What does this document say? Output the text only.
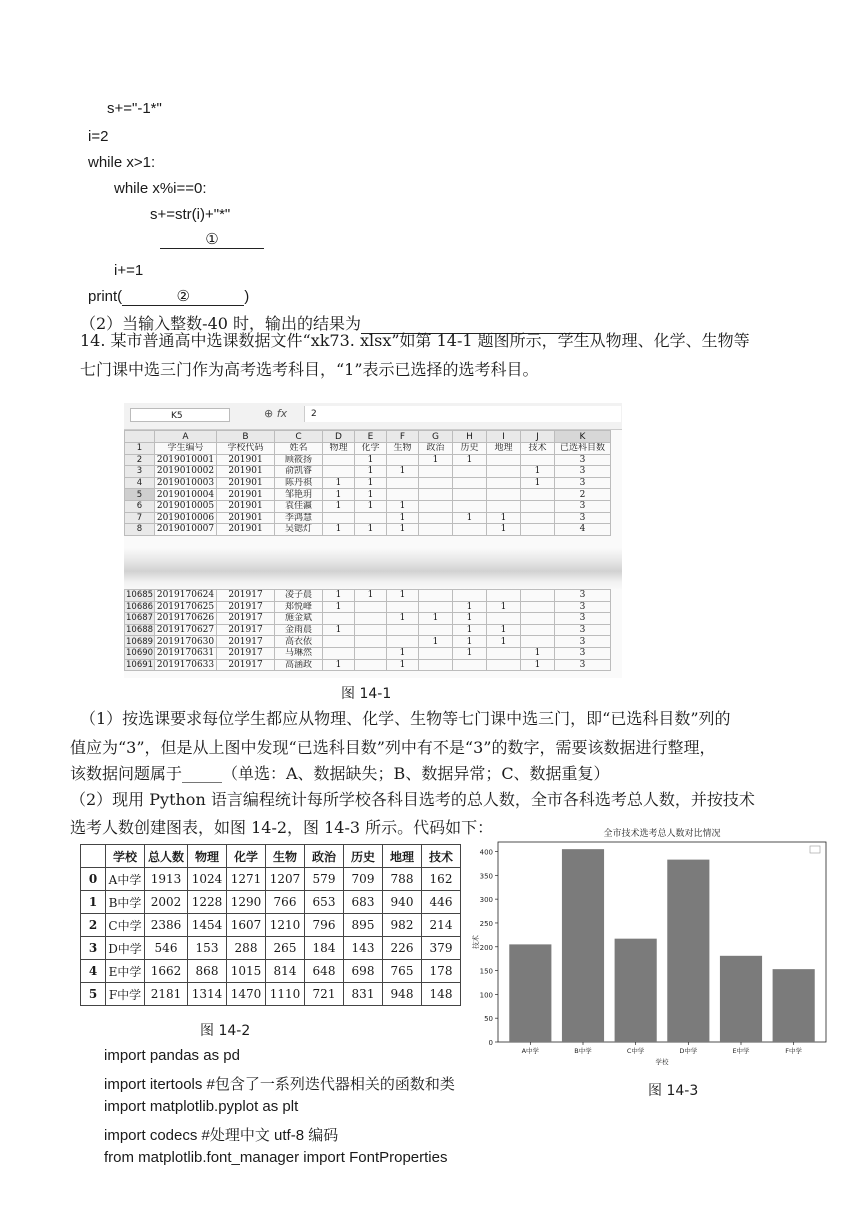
s+="-1*"
i=2
while x>1:
while x%i==0:
s+=str(i)+"*"
①
i+=1
print(	②	)
（2）当输入整数-40 时，输出的结果为
14. 某市普通高中选课数据文件“xk73. xlsx”如第 14-1 题图所示，学生从物理、化学、生物等
七门课中选三门作为高考选考科目，“1”表示已选择的选考科目。
K5	⊕ fx	2
	A	B	C	D	E	F	G	H	I	J	K
1	学生编号	学校代码	姓名	物理	化学	生物	政治	历史	地理	技术	已选科目数
2	2019010001	201901	顾筱扬		1		1	1			3
3	2019010002	201901	俞凯睿		1	1				1	3
4	2019010003	201901	陈丹祺	1	1					1	3
5	2019010004	201901	邹艳玥	1	1						2
6	2019010005	201901	袁佳瀛	1	1	1					3
7	2019010006	201901	李鸿慧			1		1	1		3
8	2019010007	201901	吴锶灯	1	1	1			1		4
10685	2019170624	201917	凌子晨	1	1	1					3
10686	2019170625	201917	郑悦峰	1				1	1		3
10687	2019170626	201917	施金斌			1	1	1			3
10688	2019170627	201917	金雨晨	1				1	1		3
10689	2019170630	201917	高衣依				1	1	1		3
10690	2019170631	201917	马琳然			1		1		1	3
10691	2019170633	201917	高涵政	1		1				1	3
图 14-1
（1）按选课要求每位学生都应从物理、化学、生物等七门课中选三门，即“已选科目数”列的
值应为“3”，但是从上图中发现“已选科目数”列中有不是“3”的数字，需要该数据进行整理，
该数据问题属于_____（单选：A、数据缺失；B、数据异常；C、数据重复）
（2）现用 Python 语言编程统计每所学校各科目选考的总人数，全市各科选考总人数，并按技术
选考人数创建图表，如图 14-2，图 14-3 所示。代码如下：
	学校	总人数	物理	化学	生物	政治	历史	地理	技术
0	A中学	1913	1024	1271	1207	579	709	788	162
1	B中学	2002	1228	1290	766	653	683	940	446
2	C中学	2386	1454	1607	1210	796	895	982	214
3	D中学	546	153	288	265	184	143	226	379
4	E中学	1662	868	1015	814	648	698	765	178
5	F中学	2181	1314	1470	1110	721	831	948	148
图 14-2
全市技术选考总人数对比情况
0
50
100
150
200
250
300
350
400
A中学	B中学	C中学	D中学	E中学	F中学
学校
技术
图 14-3
import pandas as pd
import itertools #包含了一系列迭代器相关的函数和类
import matplotlib.pyplot as plt
import codecs #处理中文 utf-8 编码
from matplotlib.font_manager import FontProperties
